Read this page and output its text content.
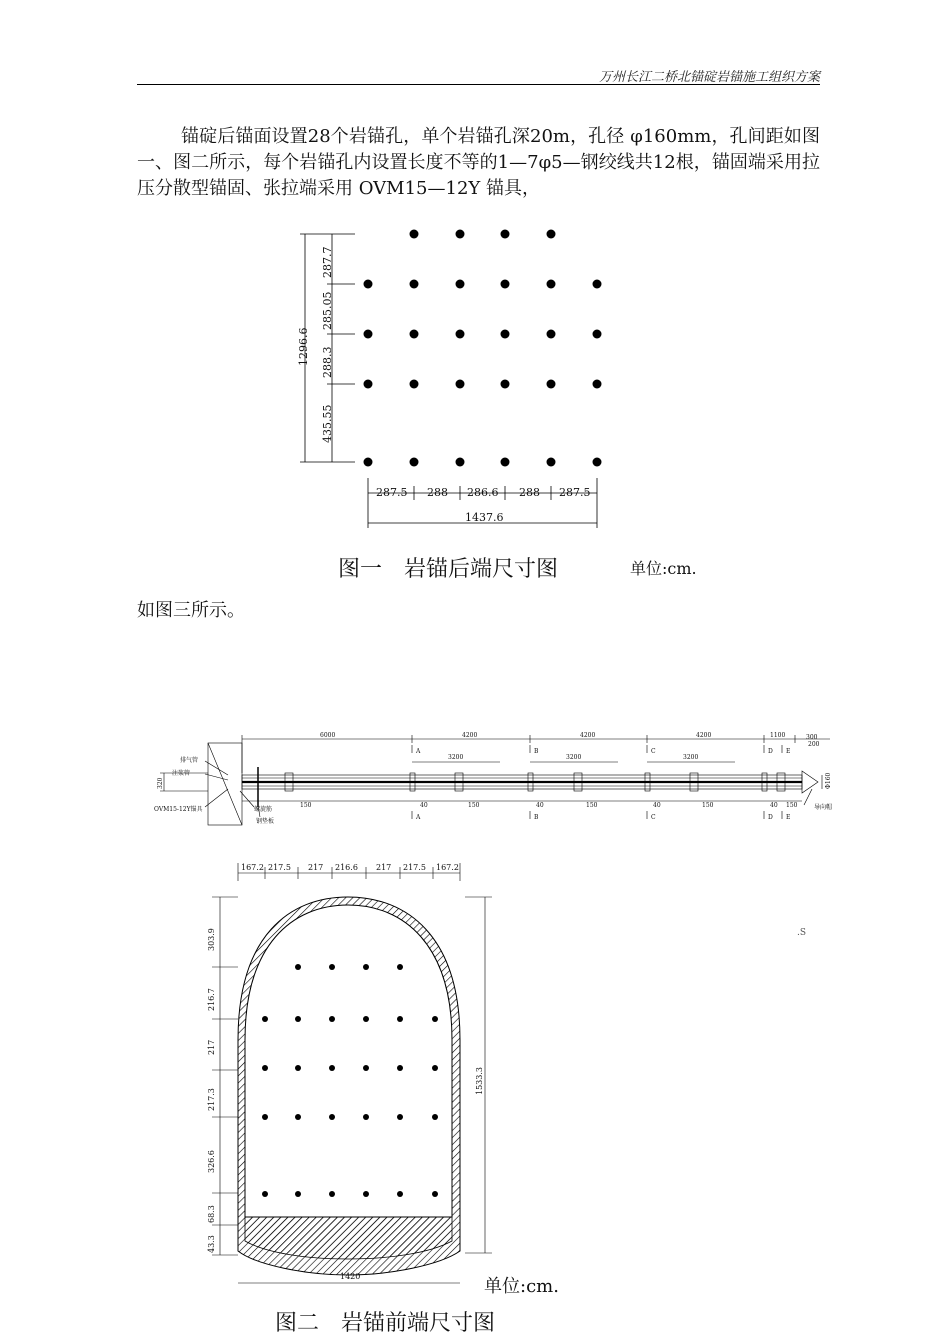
万州长江二桥北锚碇岩锚施工组织方案

锚碇后锚面设置28个岩锚孔，单个岩锚孔深20m，孔径 φ160mm，孔间距如图一、图二所示，每个岩锚孔内设置长度不等的1—7φ5—钢绞线共12根，锚固端采用拉压分散型锚固、张拉端采用 OVM15—12Y 锚具，

1296.6
287.7
285.05
288.3
435.55
287.5 288 286.6 288 287.5
1437.6
图一　岩锚后端尺寸图	单位:cm.

如图三所示。

6000	4200	4200	4200	1100	300
200
3200	3200	3200
A	B	C	D E
150	40	150	40	150	40	150	40 150
A	B	C	D E
320	Φ160
排气管
注浆管
OVM15-12Y锚具	螺旋筋
钢垫板
导向帽
167.2 217.5 217 216.6 217 217.5 167.2
303.9
216.7
217
217.3
326.6
68.3
43.3
1533.3
1420	单位:cm.
图二　岩锚前端尺寸图
.S
